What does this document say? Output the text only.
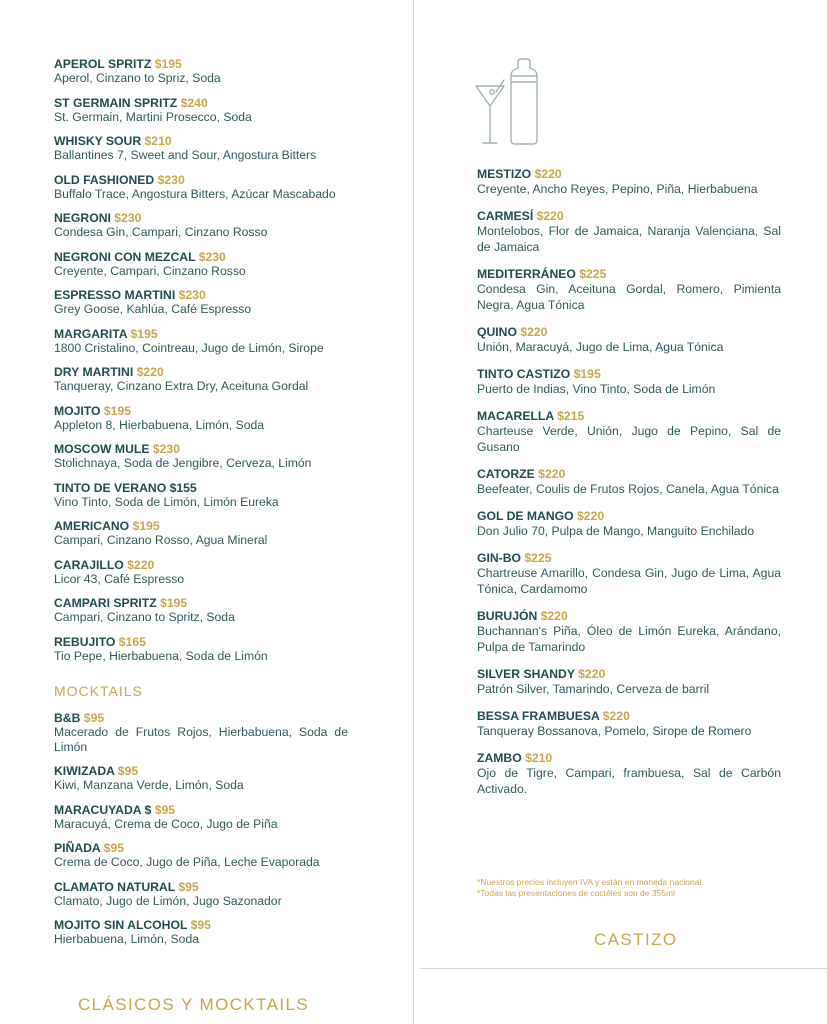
APEROL SPRITZ $195
Aperol, Cinzano to Spriz, Soda
ST GERMAIN SPRITZ $240
St. Germain, Martini Prosecco, Soda
WHISKY SOUR $210
Ballantines 7, Sweet and Sour, Angostura Bitters
OLD FASHIONED $230
Buffalo Trace, Angostura Bitters, Azúcar Mascabado
NEGRONI $230
Condesa Gin, Campari, Cinzano Rosso
NEGRONI CON MEZCAL $230
Creyente, Campari, Cinzano Rosso
ESPRESSO MARTINI $230
Grey Goose, Kahlúa, Café Espresso
MARGARITA $195
1800 Cristalino, Cointreau, Jugo de Limón, Sirope
DRY MARTINI $220
Tanqueray, Cinzano Extra Dry, Aceituna Gordal
MOJITO $195
Appleton 8, Hierbabuena, Limón, Soda
MOSCOW MULE $230
Stolichnaya, Soda de Jengibre, Cerveza, Limón
TINTO DE VERANO $155
Vino Tinto, Soda de Limón, Limón Eureka
AMERICANO $195
Campari, Cinzano Rosso, Agua Mineral
CARAJILLO $220
Licor 43, Café Espresso
CAMPARI SPRITZ $195
Campari, Cinzano to Spritz, Soda
REBUJITO $165
Tio Pepe, Hierbabuena, Soda de Limón
MOCKTAILS
B&B $95
Macerado de Frutos Rojos, Hierbabuena, Soda de Limón
KIWIZADA $95
Kiwi, Manzana Verde, Limón, Soda
MARACUYADA $ $95
Maracuyá, Crema de Coco, Jugo de Piña
PIÑADA $95
Crema de Coco, Jugo de Piña, Leche Evaporada
CLAMATO NATURAL $95
Clamato, Jugo de Limón, Jugo Sazonador
MOJITO SIN ALCOHOL $95
Hierbabuena, Limón, Soda
MESTIZO $220
Creyente, Ancho Reyes, Pepino, Piña, Hierbabuena
CARMESÍ $220
Montelobos, Flor de Jamaica, Naranja Valenciana, Sal de Jamaica
MEDITERRÁNEO $225
Condesa Gin, Aceituna Gordal, Romero, Pimienta Negra, Agua Tónica
QUINO $220
Unión, Maracuyá, Jugo de Lima, Agua Tónica
TINTO CASTIZO $195
Puerto de Indias, Vino Tinto, Soda de Limón
MACARELLA $215
Charteuse Verde, Unión, Jugo de Pepino, Sal de Gusano
CATORZE $220
Beefeater, Coulis de Frutos Rojos, Canela, Agua Tónica
GOL DE MANGO $220
Don Julio 70, Pulpa de Mango, Manguito Enchilado
GIN-BO $225
Chartreuse Amarillo, Condesa Gin, Jugo de Lima, Agua Tónica, Cardamomo
BURUJÓN $220
Buchannan's Piña, Óleo de Limón Eureka, Arándano, Pulpa de Tamarindo
SILVER SHANDY $220
Patrón Silver, Tamarindo, Cerveza de barril
BESSA FRAMBUESA $220
Tanqueray Bossanova, Pomelo, Sirope de Romero
ZAMBO $210
Ojo de Tigre, Campari, frambuesa, Sal de Carbón Activado.
*Nuestros precios incluyen IVA y están en moneda nacional.
*Todas las presentaciones de coctéles son de 355ml
CLÁSICOS Y MOCKTAILS
CASTIZO
